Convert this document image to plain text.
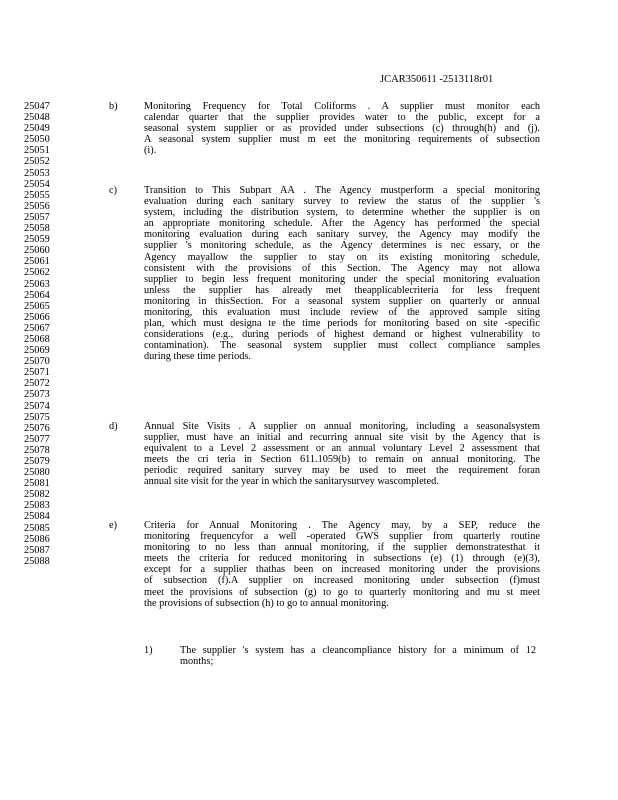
JCAR350611 -2513118r01
25047
25048
25049
25050
25051
25052
25053
25054
25055
25056
25057
25058
25059
25060
25061
25062
25063
25064
25065
25066
25067
25068
25069
25070
25071
25072
25073
25074
25075
25076
25077
25078
25079
25080
25081
25082
25083
25084
25085
25086
25087
25088
b)	Monitoring Frequency for Total Coliforms . A supplier must monitor each
calendar quarter that the supplier provides water to the public, except for a
seasonal system supplier or as provided under subsections (c) through(h) and (j).
A seasonal system supplier must m eet the monitoring requirements of subsection
(i).
c)	Transition to This Subpart AA . The Agency mustperform a special monitoring
evaluation during each sanitary survey to review the status of the supplier 's
system, including the distribution system, to determine whether the supplier is on
an appropriate monitoring schedule. After the Agency has performed the special
monitoring evaluation during each sanitary survey, the Agency may modify the
supplier 's monitoring schedule, as the Agency determines is nec essary, or the
Agency mayallow the supplier to stay on its existing monitoring schedule,
consistent with the provisions of this Section. The Agency may not allowa
supplier to begin less frequent monitoring under the special monitoring evaluation
unless the supplier has already met theapplicablecriteria for less frequent
monitoring in thisSection. For a seasonal system supplier on quarterly or annual
monitoring, this evaluation must include review of the approved sample siting
plan, which must designa te the time periods for monitoring based on site -specific
considerations (e.g., during periods of highest demand or highest vulnerability to
contamination). The seasonal system supplier must collect compliance samples
during these time periods.
d)	Annual Site Visits . A supplier on annual monitoring, including a seasonalsystem
supplier, must have an initial and recurring annual site visit by the Agency that is
equivalent to a Level 2 assessment or an annual voluntary Level 2 assessment that
meets the cri teria in Section 611.1059(b) to remain on annual monitoring. The
periodic required sanitary survey may be used to meet the requirement foran
annual site visit for the year in which the sanitarysurvey wascompleted.
e)	Criteria for Annual Monitoring . The Agency may, by a SEP, reduce the
monitoring frequencyfor a well -operated GWS supplier from quarterly routine
monitoring to no less than annual monitoring, if the supplier demonstratesthat it
meets the criteria for reduced monitoring in subsections (e) (1) through (e)(3),
except for a supplier thathas been on increased monitoring under the provisions
of subsection (f).A supplier on increased monitoring under subsection (f)must
meet the provisions of subsection (g) to go to quarterly monitoring and mu st meet
the provisions of subsection (h) to go to annual monitoring.
1)	The supplier 's system has a cleancompliance history for a minimum of 12
months;
